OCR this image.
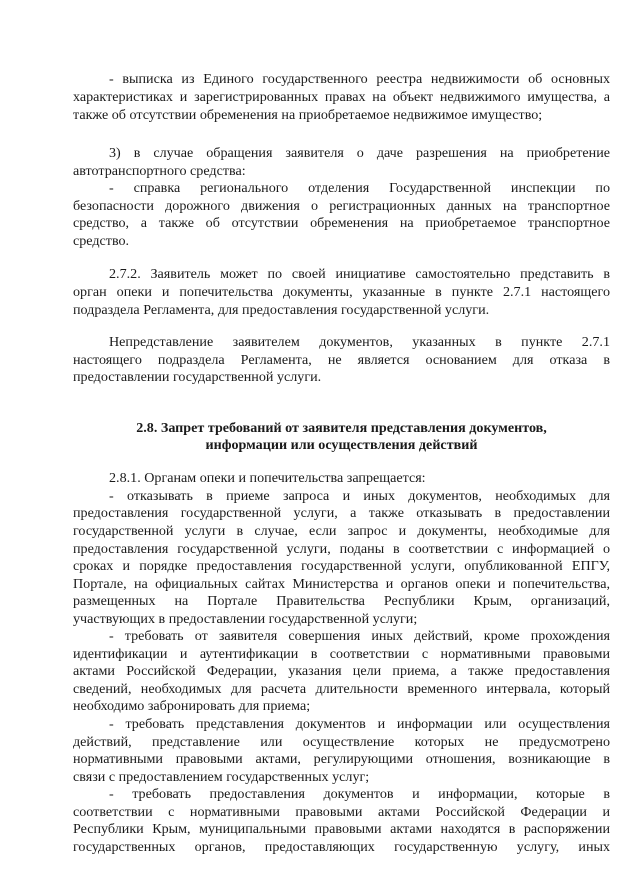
- выписка из Единого государственного реестра недвижимости об основных
характеристиках и зарегистрированных правах на объект недвижимого имущества, а
также об отсутствии обременения на приобретаемое недвижимое имущество;
3) в случае обращения заявителя о даче разрешения на приобретение
автотранспортного средства:
- справка регионального отделения Государственной инспекции по
безопасности дорожного движения о регистрационных данных на транспортное
средство, а также об отсутствии обременения на приобретаемое транспортное
средство.
2.7.2. Заявитель может по своей инициативе самостоятельно представить в
орган опеки и попечительства документы, указанные в пункте 2.7.1 настоящего
подраздела Регламента, для предоставления государственной услуги.
Непредставление заявителем документов, указанных в пункте 2.7.1
настоящего подраздела Регламента, не является основанием для отказа в
предоставлении государственной услуги.
2.8. Запрет требований от заявителя представления документов,
информации или осуществления действий
2.8.1. Органам опеки и попечительства запрещается:
- отказывать в приеме запроса и иных документов, необходимых для
предоставления государственной услуги, а также отказывать в предоставлении
государственной услуги в случае, если запрос и документы, необходимые для
предоставления государственной услуги, поданы в соответствии с информацией о
сроках и порядке предоставления государственной услуги, опубликованной ЕПГУ,
Портале, на официальных сайтах Министерства и органов опеки и попечительства,
размещенных на Портале Правительства Республики Крым, организаций,
участвующих в предоставлении государственной услуги;
- требовать от заявителя совершения иных действий, кроме прохождения
идентификации и аутентификации в соответствии с нормативными правовыми
актами Российской Федерации, указания цели приема, а также предоставления
сведений, необходимых для расчета длительности временного интервала, который
необходимо забронировать для приема;
- требовать представления документов и информации или осуществления
действий, представление или осуществление которых не предусмотрено
нормативными правовыми актами, регулирующими отношения, возникающие в
связи с предоставлением государственных услуг;
- требовать предоставления документов и информации, которые в
соответствии с нормативными правовыми актами Российской Федерации и
Республики Крым, муниципальными правовыми актами находятся в распоряжении
государственных органов, предоставляющих государственную услугу, иных
